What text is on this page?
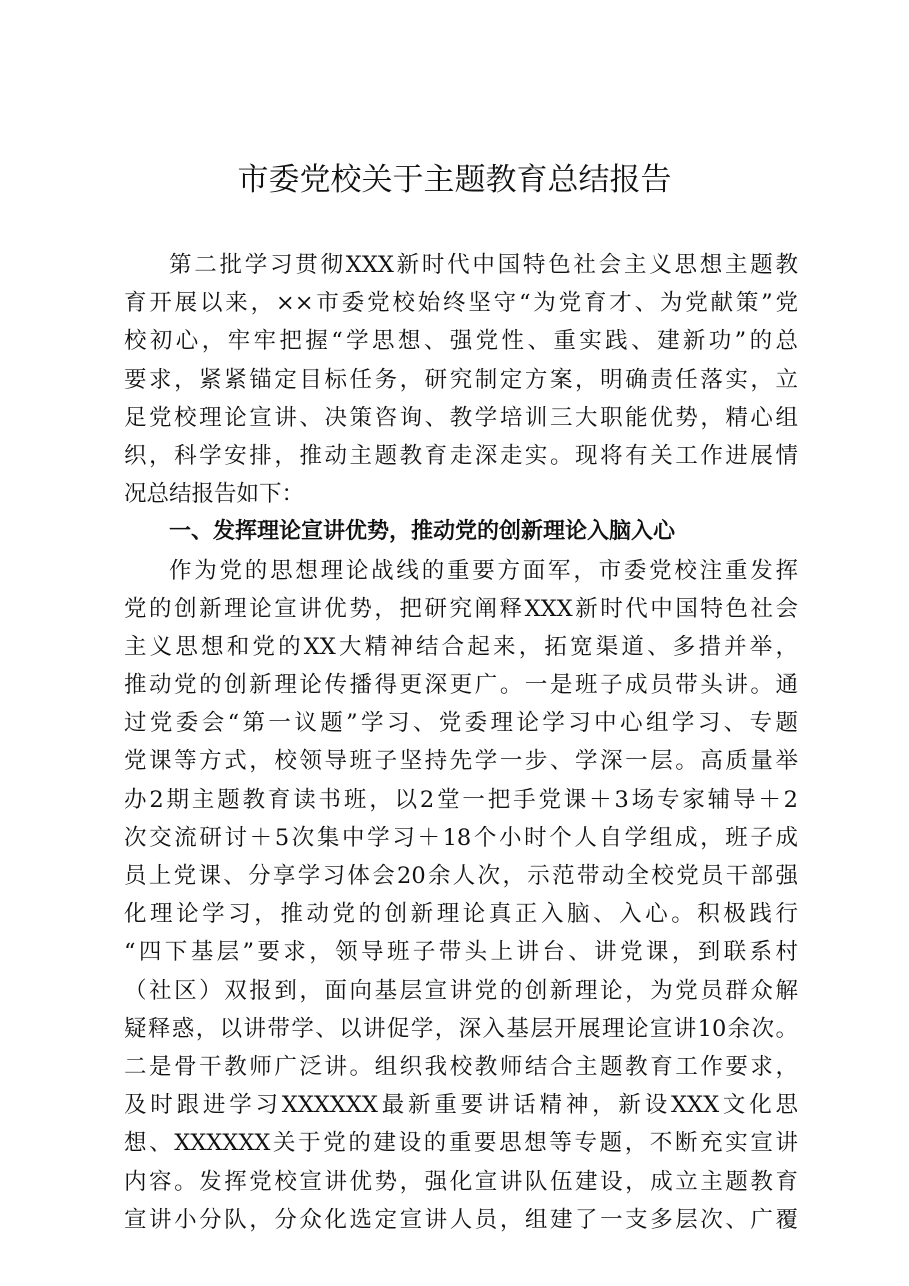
市委党校关于主题教育总结报告
第二批学习贯彻XXX新时代中国特色社会主义思想主题教
育开展以来，××市委党校始终坚守“为党育才、为党献策”党
校初心，牢牢把握“学思想、强党性、重实践、建新功”的总
要求，紧紧锚定目标任务，研究制定方案，明确责任落实，立
足党校理论宣讲、决策咨询、教学培训三大职能优势，精心组
织，科学安排，推动主题教育走深走实。现将有关工作进展情
况总结报告如下：
一、发挥理论宣讲优势，推动党的创新理论入脑入心
作为党的思想理论战线的重要方面军，市委党校注重发挥
党的创新理论宣讲优势，把研究阐释XXX新时代中国特色社会
主义思想和党的XX大精神结合起来，拓宽渠道、多措并举，
推动党的创新理论传播得更深更广。一是班子成员带头讲。通
过党委会“第一议题”学习、党委理论学习中心组学习、专题
党课等方式，校领导班子坚持先学一步、学深一层。高质量举
办2期主题教育读书班，以2堂一把手党课＋3场专家辅导＋2
次交流研讨＋5次集中学习＋18个小时个人自学组成，班子成
员上党课、分享学习体会20余人次，示范带动全校党员干部强
化理论学习，推动党的创新理论真正入脑、入心。积极践行
“四下基层”要求，领导班子带头上讲台、讲党课，到联系村
（社区）双报到，面向基层宣讲党的创新理论，为党员群众解
疑释惑，以讲带学、以讲促学，深入基层开展理论宣讲10余次。
二是骨干教师广泛讲。组织我校教师结合主题教育工作要求，
及时跟进学习XXXXXX最新重要讲话精神，新设XXX文化思
想、XXXXXX关于党的建设的重要思想等专题，不断充实宣讲
内容。发挥党校宣讲优势，强化宣讲队伍建设，成立主题教育
宣讲小分队，分众化选定宣讲人员，组建了一支多层次、广覆
